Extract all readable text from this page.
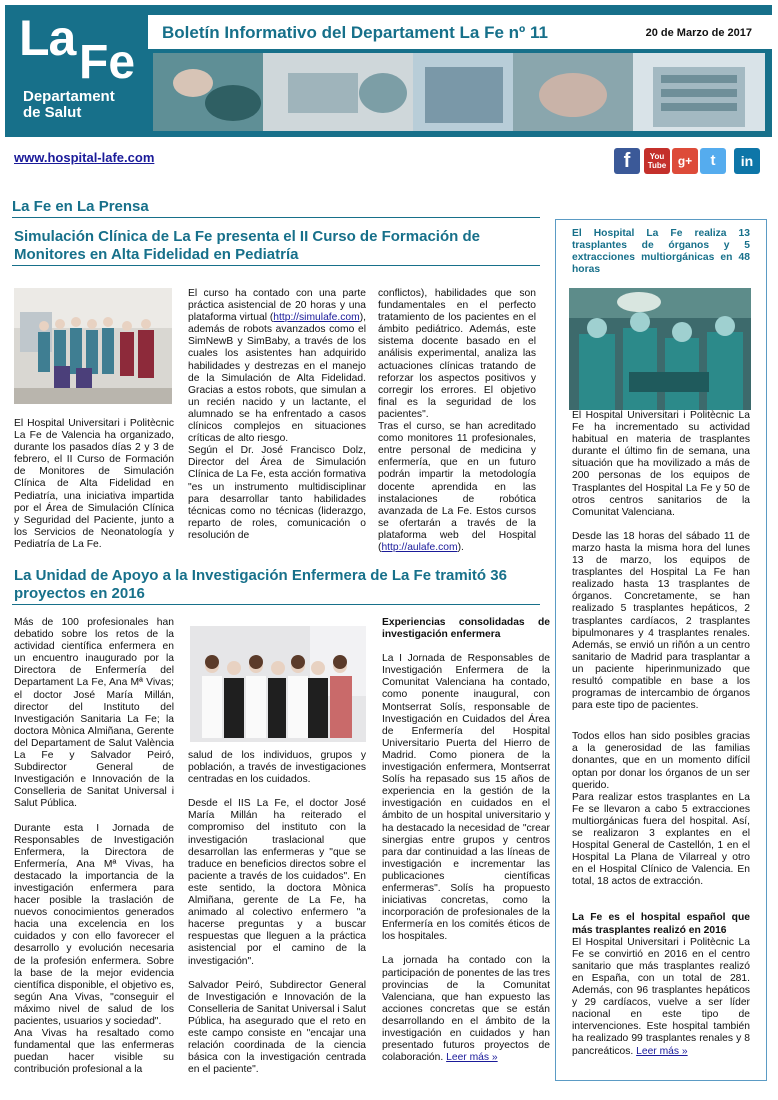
La Fe
Departament
de Salut
Boletín Informativo del Departament La Fe nº 11	20 de Marzo de 2017
www.hospital-lafe.com	f	You Tube g+	t	in
La Fe en La Prensa
Simulación Clínica de La Fe presenta el II Curso de Formación de
Monitores en Alta Fidelidad en Pediatría

El Hospital Universitari i Politècnic La Fe de Valencia ha organizado, durante los pasados días 2 y 3 de febrero, el II Curso de Formación de Monitores de Simulación Clínica de Alta Fidelidad en Pediatría, una iniciativa impartida por el Área de Simulación Clínica y Seguridad del Paciente, junto a los Servicios de Neonatología y Pediatría de La Fe.

El curso ha contado con una parte práctica asistencial de 20 horas y una plataforma virtual (http://simulafe.com), además de robots avanzados como el SimNewB y SimBaby, a través de los cuales los asistentes han adquirido habilidades y destrezas en el manejo de la Simulación de Alta Fidelidad. Gracias a estos robots, que simulan a un recién nacido y un lactante, el alumnado se ha enfrentado a casos clínicos complejos en situaciones críticas de alto riesgo.

Según el Dr. José Francisco Dolz, Director del Área de Simulación Clínica de La Fe, esta acción formativa "es un instrumento multidisciplinar para desarrollar tanto habilidades técnicas como no técnicas (liderazgo, reparto de roles, comunicación o resolución de

conflictos), habilidades que son fundamentales en el perfecto tratamiento de los pacientes en el ámbito pediátrico. Además, este sistema docente basado en el análisis experimental, analiza las actuaciones clínicas tratando de reforzar los aspectos positivos y corregir los errores. El objetivo final es la seguridad de los pacientes".

Tras el curso, se han acreditado como monitores 11 profesionales, entre personal de medicina y enfermería, que en un futuro podrán impartir la metodología docente aprendida en las instalaciones de robótica avanzada de La Fe. Estos cursos se ofertarán a través de la plataforma web del Hospital (http://aulafe.com).

La Unidad de Apoyo a la Investigación Enfermera de La Fe tramitó 36
proyectos en 2016

Más de 100 profesionales han debatido sobre los retos de la actividad científica enfermera en un encuentro inaugurado por la Directora de Enfermería del Departament La Fe, Ana Mª Vivas; el doctor José María Millán, director del Instituto del Investigación Sanitaria La Fe; la doctora Mònica Almiñana, Gerente del Departament de Salut València La Fe y Salvador Peiró, Subdirector General de Investigación e Innovación de la Conselleria de Sanitat Universal i Salut Pública.

Durante esta I Jornada de Responsables de Investigación Enfermera, la Directora de Enfermería, Ana Mª Vivas, ha destacado la importancia de la investigación enfermera para hacer posible la traslación de nuevos conocimientos generados hacia una excelencia en los cuidados y con ello favorecer el desarrollo y evolución necesaria de la profesión enfermera. Sobre la base de la mejor evidencia científica disponible, el objetivo es, según Ana Vivas, "conseguir el máximo nivel de salud de los pacientes, usuarios y sociedad".

Ana Vivas ha resaltado como fundamental que las enfermeras puedan hacer visible su contribución profesional a la

salud de los individuos, grupos y población, a través de investigaciones centradas en los cuidados.

Desde el IIS La Fe, el doctor José María Millán ha reiterado el compromiso del instituto con la investigación traslacional que desarrollan las enfermeras y "que se traduce en beneficios directos sobre el paciente a través de los cuidados". En este sentido, la doctora Mònica Almiñana, gerente de La Fe, ha animado al colectivo enfermero "a hacerse preguntas y a buscar respuestas que lleguen a la práctica asistencial por el camino de la investigación".

Salvador Peiró, Subdirector General de Investigación e Innovación de la Conselleria de Sanitat Universal i Salut Pública, ha asegurado que el reto en este campo consiste en "encajar una relación coordinada de la ciencia básica con la investigación centrada en el paciente".

Experiencias consolidadas de investigación enfermera

La I Jornada de Responsables de Investigación Enfermera de la Comunitat Valenciana ha contado, como ponente inaugural, con Montserrat Solís, responsable de Investigación en Cuidados del Área de Enfermería del Hospital Universitario Puerta del Hierro de Madrid. Como pionera de la investigación enfermera, Montserrat Solís ha repasado sus 15 años de experiencia en la gestión de la investigación en cuidados en el ámbito de un hospital universitario y ha destacado la necesidad de "crear sinergias entre grupos y centros para dar continuidad a las líneas de investigación e incrementar las publicaciones científicas enfermeras". Solís ha propuesto iniciativas concretas, como la incorporación de profesionales de la Enfermería en los comités éticos de los hospitales.

La jornada ha contado con la participación de ponentes de las tres provincias de la Comunitat Valenciana, que han expuesto las acciones concretas que se están desarrollando en el ámbito de la investigación en cuidados y han presentado futuros proyectos de colaboración. Leer más »

El Hospital La Fe realiza 13 trasplantes de órganos y 5 extracciones multiorgánicas en 48 horas

El Hospital Universitari i Politècnic La Fe ha incrementado su actividad habitual en materia de trasplantes durante el último fin de semana, una situación que ha movilizado a más de 200 personas de los equipos de Trasplantes del Hospital La Fe y 50 de otros centros sanitarios de la Comunitat Valenciana.

Desde las 18 horas del sábado 11 de marzo hasta la misma hora del lunes 13 de marzo, los equipos de trasplantes del Hospital La Fe han realizado hasta 13 trasplantes de órganos. Concretamente, se han realizado 5 trasplantes hepáticos, 2 trasplantes cardíacos, 2 trasplantes bipulmonares y 4 trasplantes renales. Además, se envió un riñón a un centro sanitario de Madrid para trasplantar a un paciente hiperinmunizado que resultó compatible en base a los programas de intercambio de órganos para este tipo de pacientes.

Todos ellos han sido posibles gracias a la generosidad de las familias donantes, que en un momento difícil optan por donar los órganos de un ser querido.

Para realizar estos trasplantes en La Fe se llevaron a cabo 5 extracciones multiorgánicas fuera del hospital. Así, se realizaron 3 explantes en el Hospital General de Castellón, 1 en el Hospital La Plana de Vilarreal y otro en el Hospital Clínico de Valencia. En total, 18 actos de extracción.

La Fe es el hospital español que más trasplantes realizó en 2016

El Hospital Universitari i Politècnic La Fe se convirtió en 2016 en el centro sanitario que más trasplantes realizó en España, con un total de 281. Además, con 96 trasplantes hepáticos y 29 cardíacos, vuelve a ser líder nacional en este tipo de intervenciones. Este hospital también ha realizado 99 trasplantes renales y 8 pancreáticos. Leer más »
